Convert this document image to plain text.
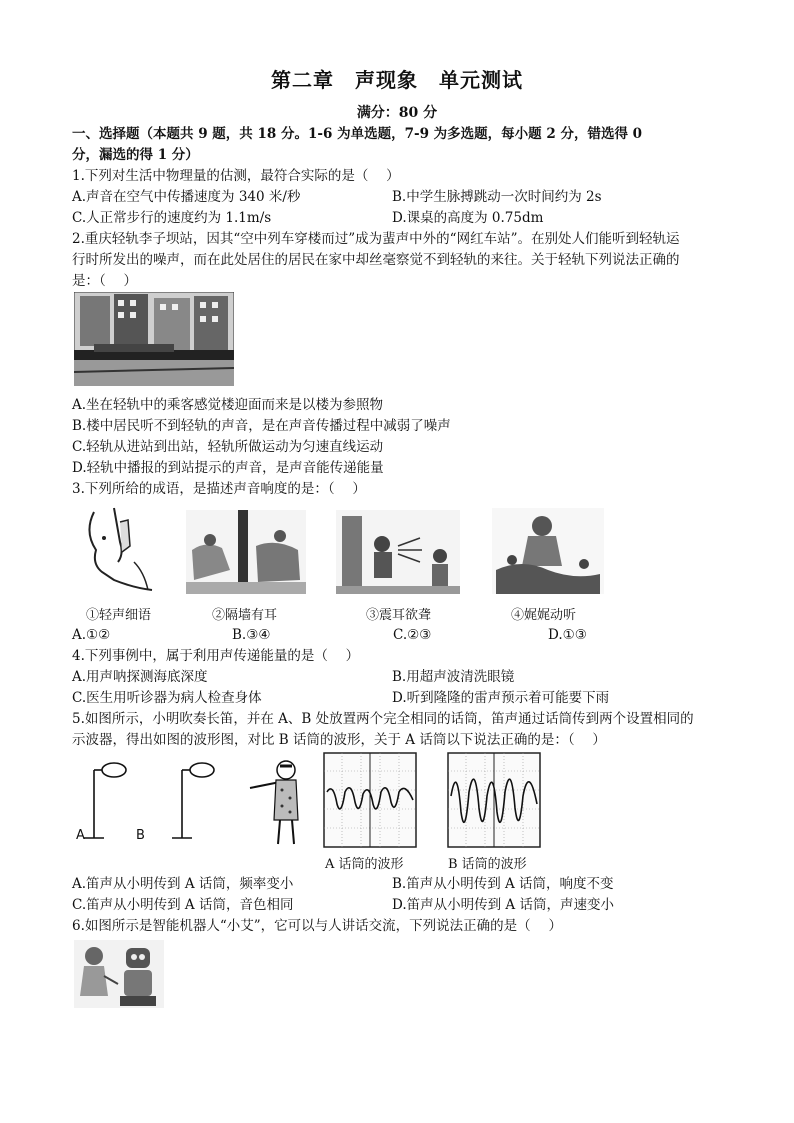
第二章　声现象　单元测试
满分：80 分
一、选择题（本题共 9 题，共 18 分。1-6 为单选题，7-9 为多选题，每小题 2 分，错选得 0
分，漏选的得 1 分）
1.下列对生活中物理量的估测，最符合实际的是（　 ）
A.声音在空气中传播速度为 340 米/秒	B.中学生脉搏跳动一次时间约为 2s
C.人正常步行的速度约为 1.1m/s	D.课桌的高度为 0.75dm
2.重庆轻轨李子坝站，因其“空中列车穿楼而过”成为蜚声中外的“网红车站”。在别处人们能听到轻轨运
行时所发出的噪声，而在此处居住的居民在家中却丝毫察觉不到轻轨的来往。关于轻轨下列说法正确的
是：（　 ）
A.坐在轻轨中的乘客感觉楼迎面而来是以楼为参照物
B.楼中居民听不到轻轨的声音，是在声音传播过程中减弱了噪声
C.轻轨从进站到出站，轻轨所做运动为匀速直线运动
D.轻轨中播报的到站提示的声音，是声音能传递能量
3.下列所给的成语，是描述声音响度的是：（　 ）
①轻声细语	②隔墙有耳	③震耳欲聋	④娓娓动听
A.①②	B.③④	C.②③	D.①③
4.下列事例中，属于利用声传递能量的是（　 ）
A.用声呐探测海底深度	B.用超声波清洗眼镜
C.医生用听诊器为病人检查身体	D.听到隆隆的雷声预示着可能要下雨
5.如图所示，小明吹奏长笛，并在 A、B 处放置两个完全相同的话筒，笛声通过话筒传到两个设置相同的
示波器，得出如图的波形图，对比 B 话筒的波形，关于 A 话筒以下说法正确的是：（　 ）
A	B
A 话筒的波形	B 话筒的波形
A.笛声从小明传到 A 话筒，频率变小	B.笛声从小明传到 A 话筒，响度不变
C.笛声从小明传到 A 话筒，音色相同	D.笛声从小明传到 A 话筒，声速变小
6.如图所示是智能机器人“小艾”，它可以与人讲话交流，下列说法正确的是（　 ）
